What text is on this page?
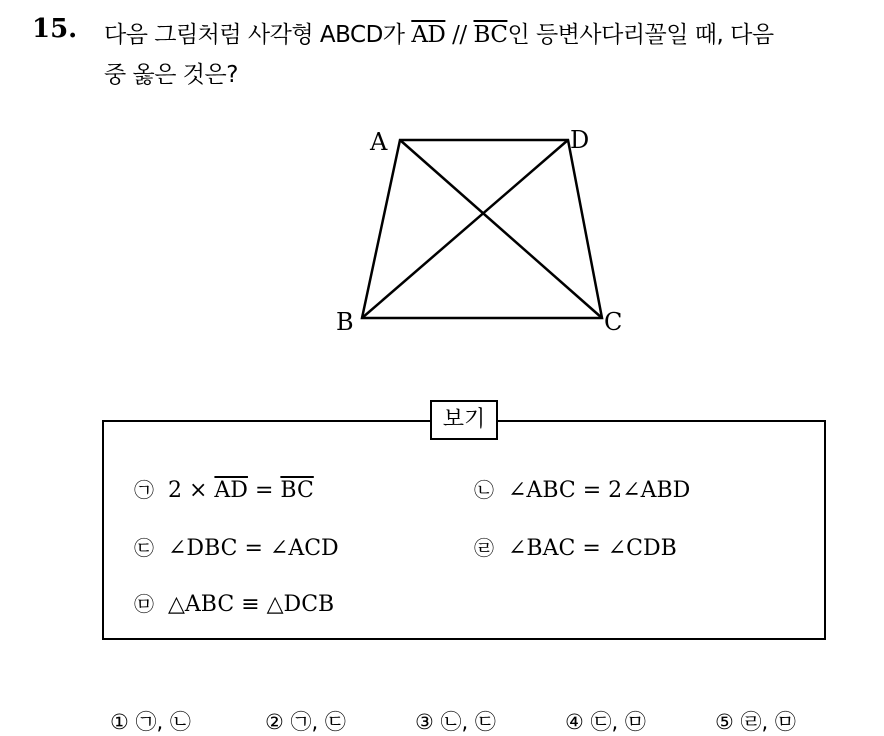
15. 다음 그림처럼 사각형 ABCD가 $\overline{AD} // \overline{BC}$인 등변사다리꼴일 때, 다음
중 옳은 것은?
A	D
B	C
보기
㉠ $2 \times \overline{AD} = \overline{BC}$	㉡ ∠ABC = 2∠ABD
㉢ ∠DBC = ∠ACD	㉣ ∠BAC = ∠CDB
㉤ △ABC ≡ △DCB
① ㉠, ㉡	② ㉠, ㉢	③ ㉡, ㉢	④ ㉢, ㉤	⑤ ㉣, ㉤
